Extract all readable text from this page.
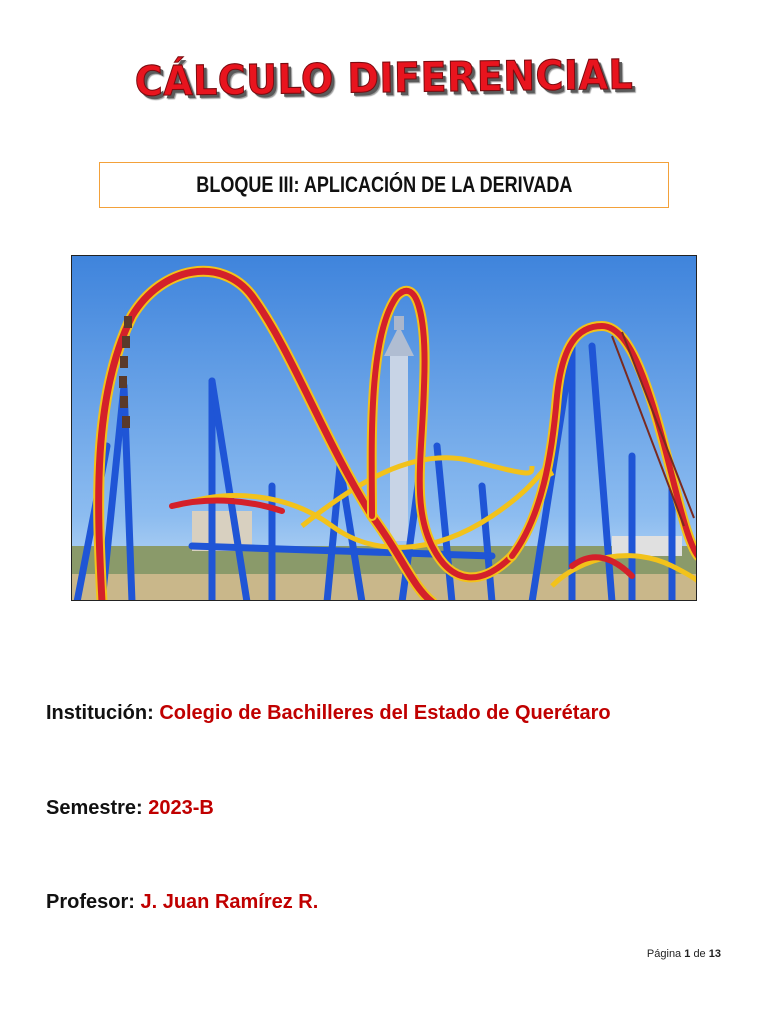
CÁLCULO DIFERENCIAL
BLOQUE III: APLICACIÓN DE LA DERIVADA
Institución: Colegio de Bachilleres del Estado de Querétaro
Semestre: 2023-B
Profesor: J. Juan Ramírez R.
Página 1 de 13
